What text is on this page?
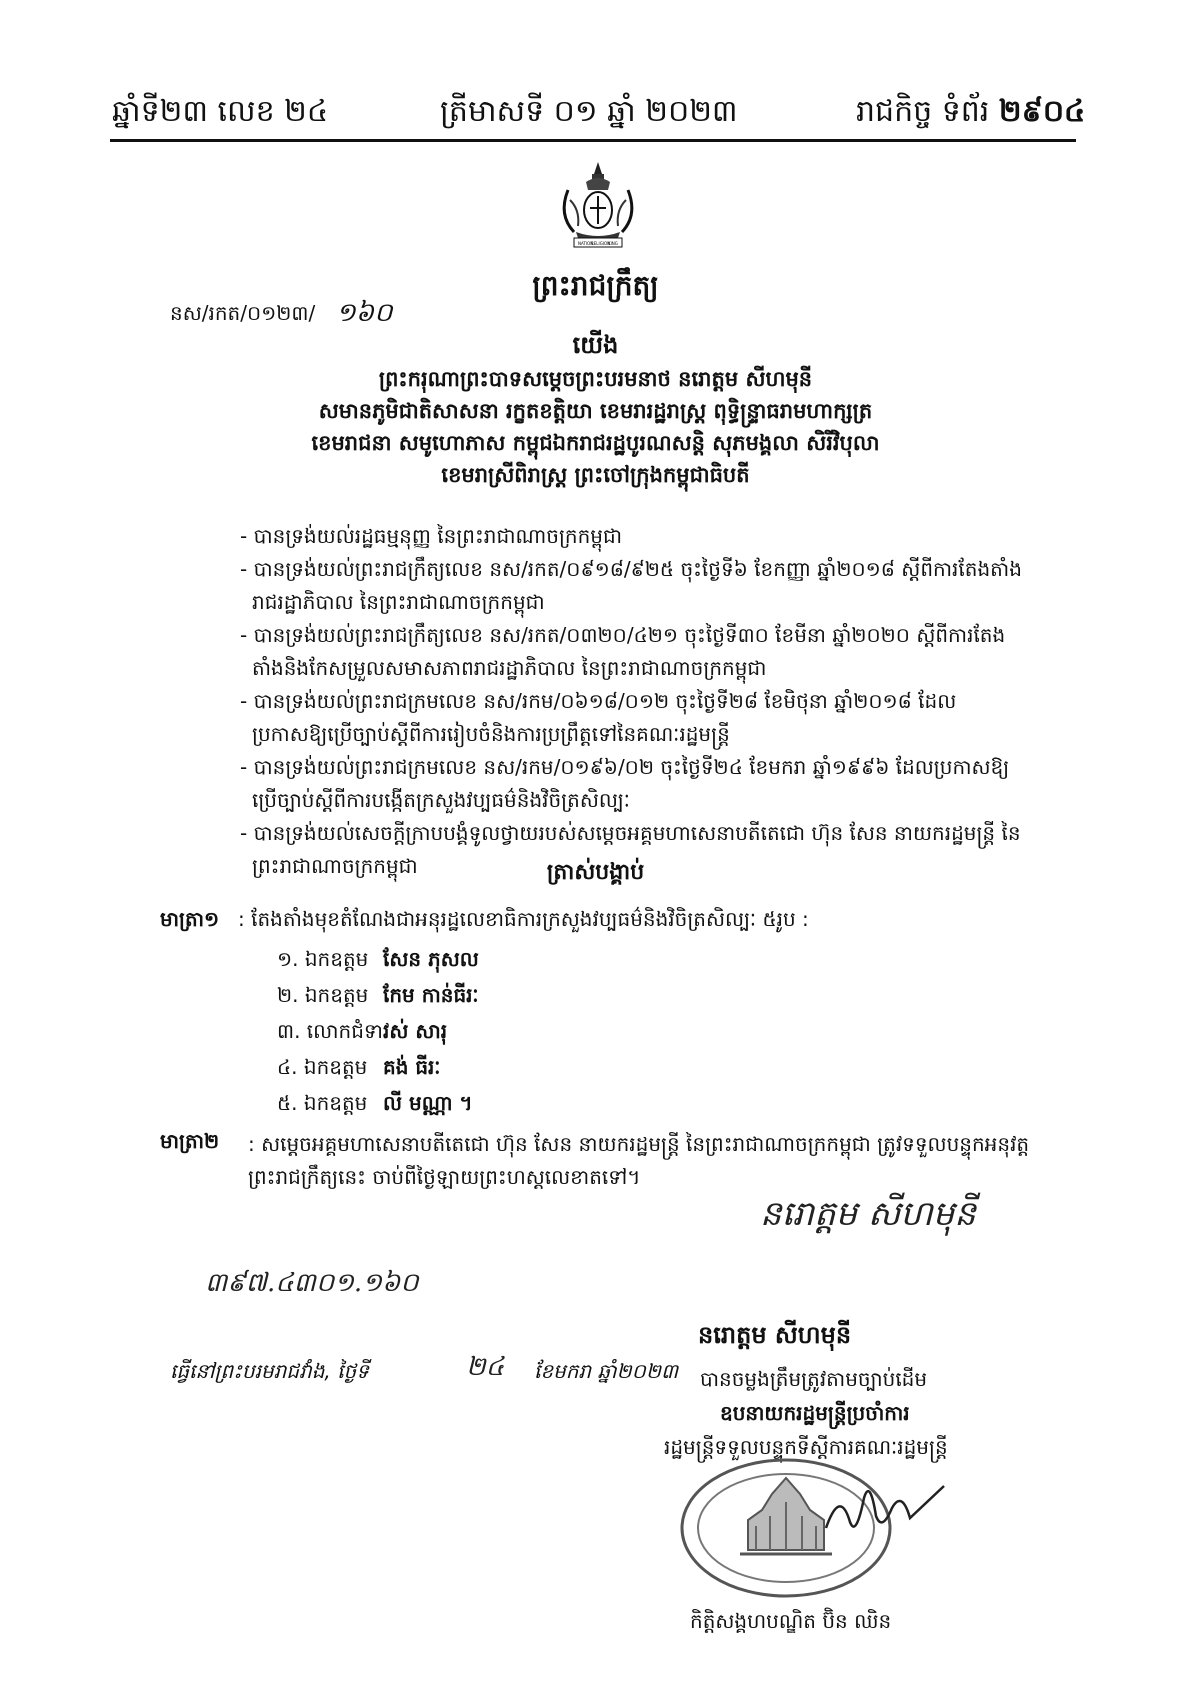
ឆ្នាំទី២៣ លេខ ២៤	ត្រីមាសទី ០១ ឆ្នាំ ២០២៣	រាជកិច្ច ទំព័រ ២៩០៤
NATION
RELIGION
KING
ព្រះរាជក្រឹត្យ
នស/រកត/០១២៣/ ១៦០
យើង
ព្រះករុណាព្រះបាទសម្តេចព្រះបរមនាថ នរោត្តម សីហមុនី
សមានភូមិជាតិសាសនា រក្ខតខត្តិយា ខេមរារដ្ឋរាស្ត្រ ពុទ្ធិន្ទ្រាធរាមហាក្សត្រ
ខេមរាជនា សមូហោភាស កម្ពុជឯករាជរដ្ឋបូរណសន្តិ សុភមង្គលា សិរីវិបុលា
ខេមរាស្រីពិរាស្ត្រ ព្រះចៅក្រុងកម្ពុជាធិបតី

- បានទ្រង់យល់រដ្ឋធម្មនុញ្ញ នៃព្រះរាជាណាចក្រកម្ពុជា

- បានទ្រង់យល់ព្រះរាជក្រឹត្យលេខ នស/រកត/០៩១៨/៩២៥ ចុះថ្ងៃទី៦ ខែកញ្ញា ឆ្នាំ២០១៨ ស្តីពីការតែងតាំងរាជរដ្ឋាភិបាល នៃព្រះរាជាណាចក្រកម្ពុជា

- បានទ្រង់យល់ព្រះរាជក្រឹត្យលេខ នស/រកត/០៣២០/៤២១ ចុះថ្ងៃទី៣០ ខែមីនា ឆ្នាំ២០២០ ស្តីពីការតែងតាំងនិងកែសម្រួលសមាសភាពរាជរដ្ឋាភិបាល នៃព្រះរាជាណាចក្រកម្ពុជា

- បានទ្រង់យល់ព្រះរាជក្រមលេខ នស/រកម/០៦១៨/០១២ ចុះថ្ងៃទី២៨ ខែមិថុនា ឆ្នាំ២០១៨ ដែលប្រកាសឱ្យប្រើច្បាប់ស្តីពីការរៀបចំនិងការប្រព្រឹត្តទៅនៃគណៈរដ្ឋមន្ត្រី

- បានទ្រង់យល់ព្រះរាជក្រមលេខ នស/រកម/០១៩៦/០២ ចុះថ្ងៃទី២៤ ខែមករា ឆ្នាំ១៩៩៦ ដែលប្រកាសឱ្យប្រើច្បាប់ស្តីពីការបង្កើតក្រសួងវប្បធម៌និងវិចិត្រសិល្បៈ

- បានទ្រង់យល់សេចក្តីក្រាបបង្គំទូលថ្វាយរបស់សម្តេចអគ្គមហាសេនាបតីតេជោ ហ៊ុន សែន នាយករដ្ឋមន្ត្រី នៃព្រះរាជាណាចក្រកម្ពុជា	ត្រាស់បង្គាប់
មាត្រា១ : តែងតាំងមុខតំណែងជាអនុរដ្ឋលេខាធិការក្រសួងវប្បធម៌និងវិចិត្រសិល្បៈ ៥រូប :
១. ឯកឧត្តម សែន ភុសល
២. ឯកឧត្តម កែម កាន់ធីរៈ
៣. លោកជំទាវ
រស់ សារុ
៤. ឯកឧត្តម គង់ ធីរៈ
៥. ឯកឧត្តម លី មណ្ណា ។
មាត្រា២ : សម្តេចអគ្គមហាសេនាបតីតេជោ ហ៊ុន សែន នាយករដ្ឋមន្ត្រី នៃព្រះរាជាណាចក្រកម្ពុជា ត្រូវទទួលបន្ទុកអនុវត្តព្រះរាជក្រឹត្យនេះ ចាប់ពីថ្ងៃឡាយព្រះហស្តលេខាតទៅ។
៣៩៧.៤៣០១.១៦០
នរោត្តម សីហមុនី
ធ្វើនៅព្រះបរមរាជវាំង, ថ្ងៃទី	២៤ ខែមករា ឆ្នាំ២០២៣
នរោត្តម សីហមុនី
បានចម្លងត្រឹមត្រូវតាមច្បាប់ដើម
ឧបនាយករដ្ឋមន្ត្រីប្រចាំការ
រដ្ឋមន្ត្រីទទួលបន្ទុកទីស្តីការគណៈរដ្ឋមន្ត្រី
កិត្តិសង្គហបណ្ឌិត ប៊ិន ឈិន
